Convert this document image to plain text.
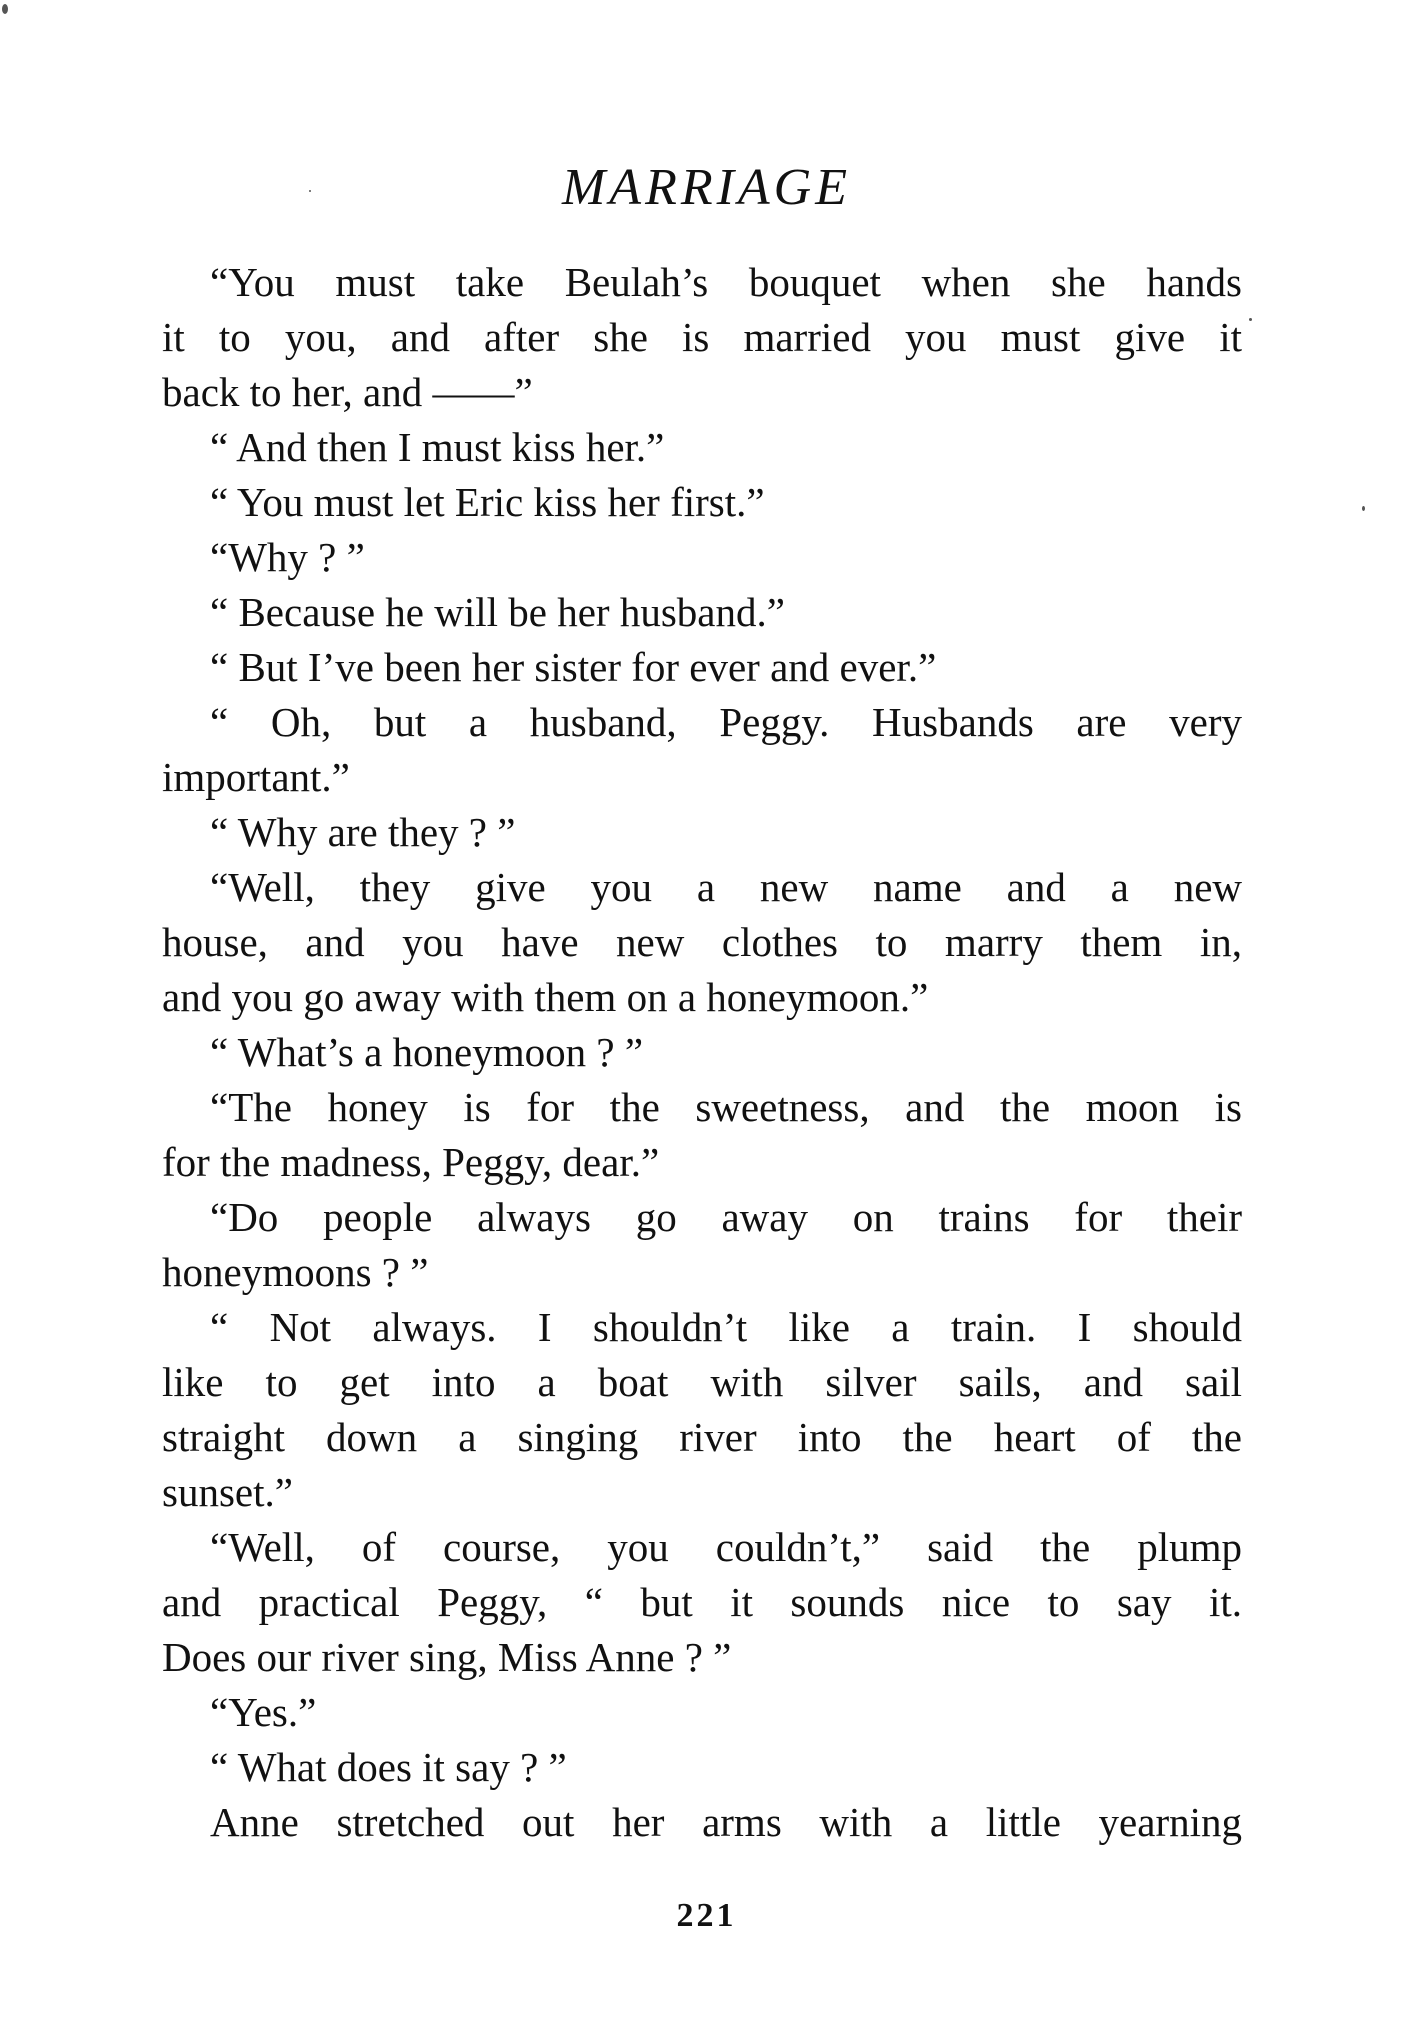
MARRIAGE
“You must take Beulah’s bouquet when she hands
it to you, and after she is married you must give it
back to her, and ——”
“ And then I must kiss her.”
“ You must let Eric kiss her first.”
“Why ? ”
“ Because he will be her husband.”
“ But I’ve been her sister for ever and ever.”
“ Oh, but a husband, Peggy. Husbands are very
important.”
“ Why are they ? ”
“Well, they give you a new name and a new
house, and you have new clothes to marry them in,
and you go away with them on a honeymoon.”
“ What’s a honeymoon ? ”
“The honey is for the sweetness, and the moon is
for the madness, Peggy, dear.”
“Do people always go away on trains for their
honeymoons ? ”
“ Not always. I shouldn’t like a train. I should
like to get into a boat with silver sails, and sail
straight down a singing river into the heart of the
sunset.”
“Well, of course, you couldn’t,” said the plump
and practical Peggy, “ but it sounds nice to say it.
Does our river sing, Miss Anne ? ”
“Yes.”
“ What does it say ? ”
Anne stretched out her arms with a little yearning
221
